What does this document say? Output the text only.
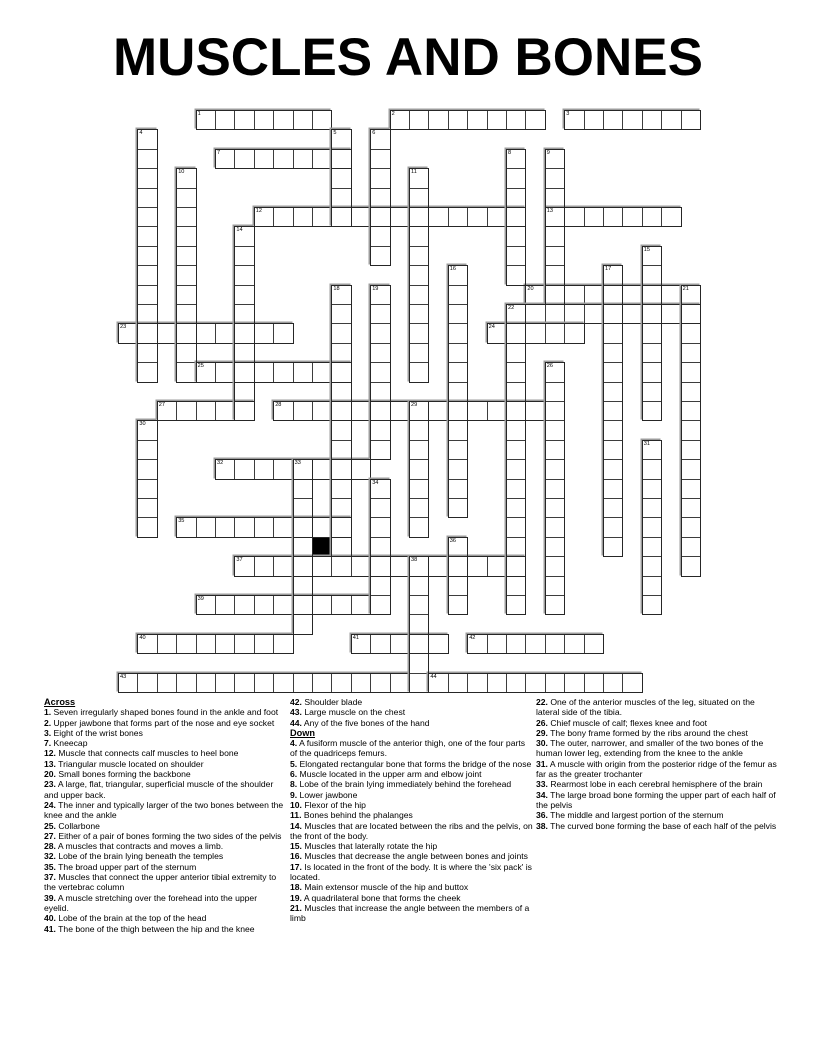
MUSCLES AND BONES
1	2	3
7
12	13
20	21
22
23	24
25
27	28	29
32	33
35
37	38
39
40	41	42
43	44
4	5	6
8	9
10	11
14
15
16	17
18	19
26
30
31
34
36
Across
1. Seven irregularly shaped bones found in the ankle and foot
2. Upper jawbone that forms part of the nose and eye socket
3. Eight of the wrist bones
7. Kneecap
12. Muscle that connects calf muscles to heel bone
13. Triangular muscle located on shoulder
20. Small bones forming the backbone
23. A large, flat, triangular, superficial muscle of the shoulder and upper back.
24. The inner and typically larger of the two bones between the knee and the ankle
25. Collarbone
27. Either of a pair of bones forming the two sides of the pelvis
28. A muscles that contracts and moves a limb.
32. Lobe of the brain lying beneath the temples
35. The broad upper part of the sternum
37. Muscles that connect the upper anterior tibial extremity to the vertebrac column
39. A muscle stretching over the forehead into the upper eyelid.
40. Lobe of the brain at the top of the head
41. The bone of the thigh between the hip and the knee
42. Shoulder blade
43. Large muscle on the chest
44. Any of the five bones of the hand
Down
4. A fusiform muscle of the anterior thigh, one of the four parts of the quadriceps femurs.
5. Elongated rectangular bone that forms the bridge of the nose
6. Muscle located in the upper arm and elbow joint
8. Lobe of the brain lying immediately behind the forehead
9. Lower jawbone
10. Flexor of the hip
11. Bones behind the phalanges
14. Muscles that are located between the ribs and the pelvis, on the front of the body.
15. Muscles that laterally rotate the hip
16. Muscles that decrease the angle between bones and joints
17. Is located in the front of the body. It is where the 'six pack' is located.
18. Main extensor muscle of the hip and buttox
19. A quadrilateral bone that forms the cheek
21. Muscles that increase the angle between the members of a limb
22. One of the anterior muscles of the leg, situated on the lateral side of the tibia.
26. Chief muscle of calf; flexes knee and foot
29. The bony frame formed by the ribs around the chest
30. The outer, narrower, and smaller of the two bones of the human lower leg, extending from the knee to the ankle
31. A muscle with origin from the posterior ridge of the femur as far as the greater trochanter
33. Rearmost lobe in each cerebral hemisphere of the brain
34. The large broad bone forming the upper part of each half of the pelvis
36. The middle and largest portion of the sternum
38. The curved bone forming the base of each half of the pelvis
